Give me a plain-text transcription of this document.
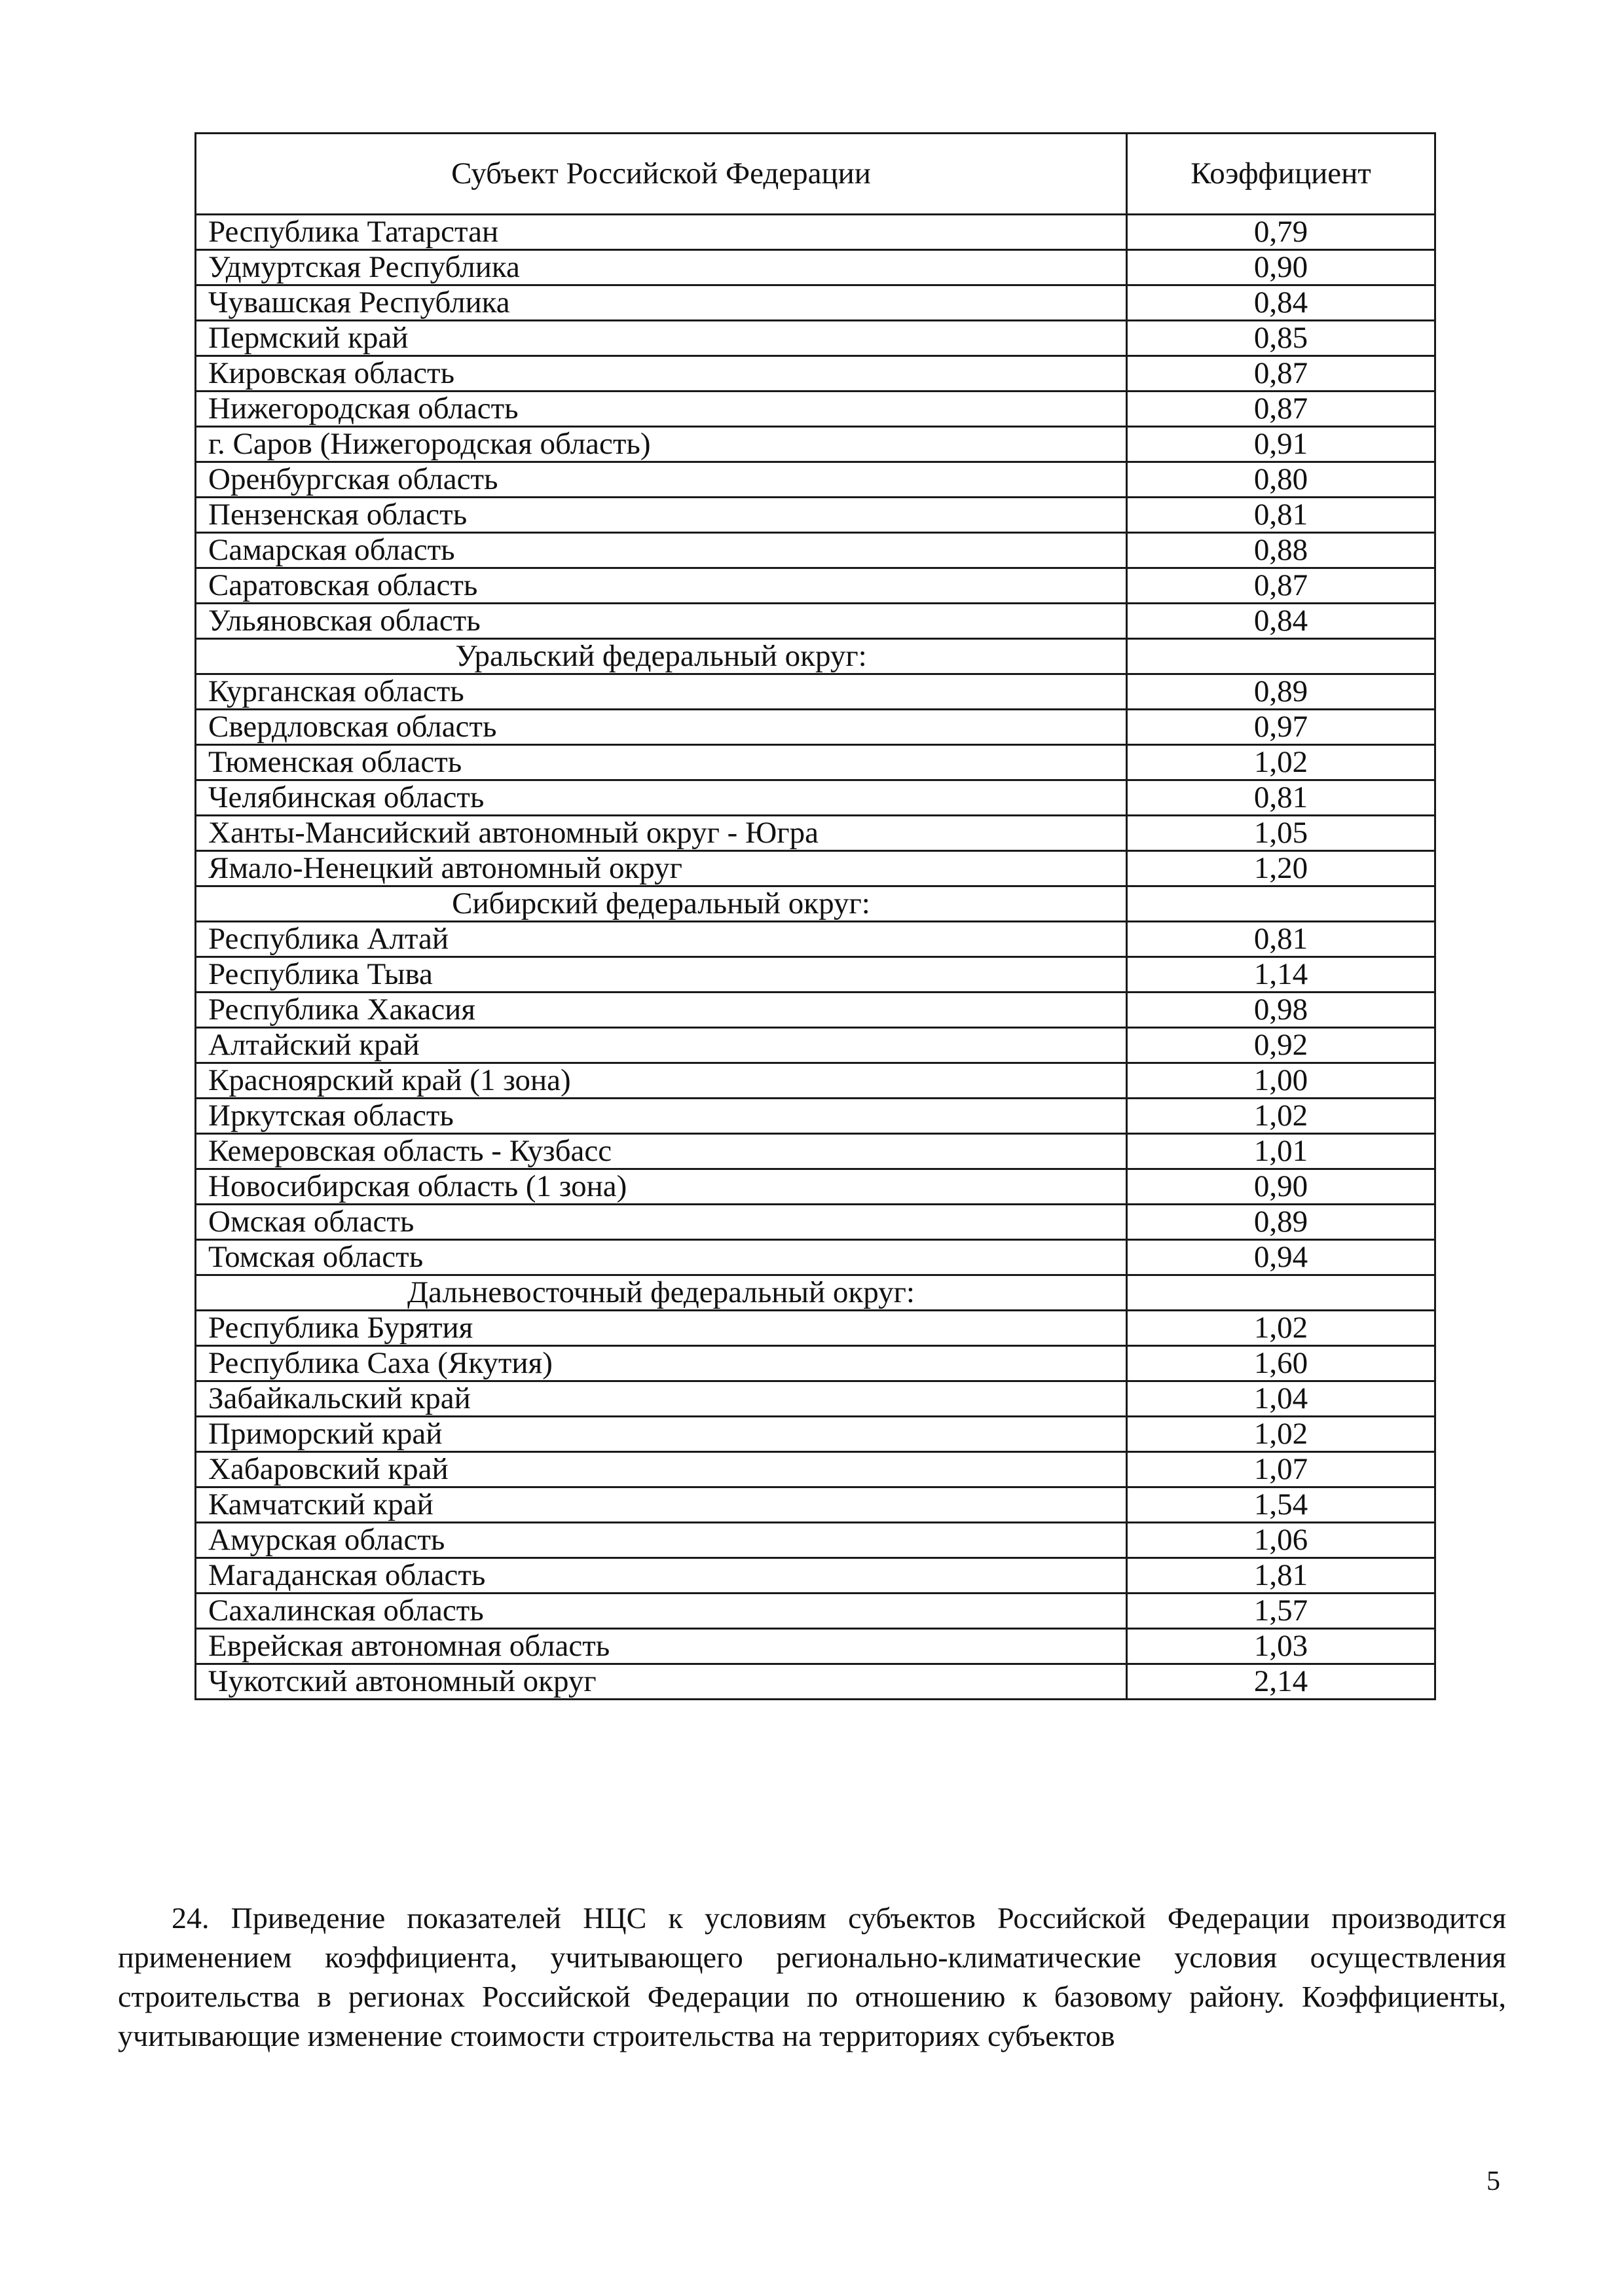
Субъект Российской Федерации	Коэффициент
Республика Татарстан	0,79
Удмуртская Республика	0,90
Чувашская Республика	0,84
Пермский край	0,85
Кировская область	0,87
Нижегородская область	0,87
г. Саров (Нижегородская область)	0,91
Оренбургская область	0,80
Пензенская область	0,81
Самарская область	0,88
Саратовская область	0,87
Ульяновская область	0,84
Уральский федеральный округ:	
Курганская область	0,89
Свердловская область	0,97
Тюменская область	1,02
Челябинская область	0,81
Ханты-Мансийский автономный округ - Югра	1,05
Ямало-Ненецкий автономный округ	1,20
Сибирский федеральный округ:	
Республика Алтай	0,81
Республика Тыва	1,14
Республика Хакасия	0,98
Алтайский край	0,92
Красноярский край (1 зона)	1,00
Иркутская область	1,02
Кемеровская область - Кузбасс	1,01
Новосибирская область (1 зона)	0,90
Омская область	0,89
Томская область	0,94
Дальневосточный федеральный округ:	
Республика Бурятия	1,02
Республика Саха (Якутия)	1,60
Забайкальский край	1,04
Приморский край	1,02
Хабаровский край	1,07
Камчатский край	1,54
Амурская область	1,06
Магаданская область	1,81
Сахалинская область	1,57
Еврейская автономная область	1,03
Чукотский автономный округ	2,14

24. Приведение показателей НЦС к условиям субъектов Российской Федерации производится применением коэффициента, учитывающего регионально-климатические условия осуществления строительства в регионах Российской Федерации по отношению к базовому району. Коэффициенты, учитывающие изменение стоимости строительства на территориях субъектов

5
